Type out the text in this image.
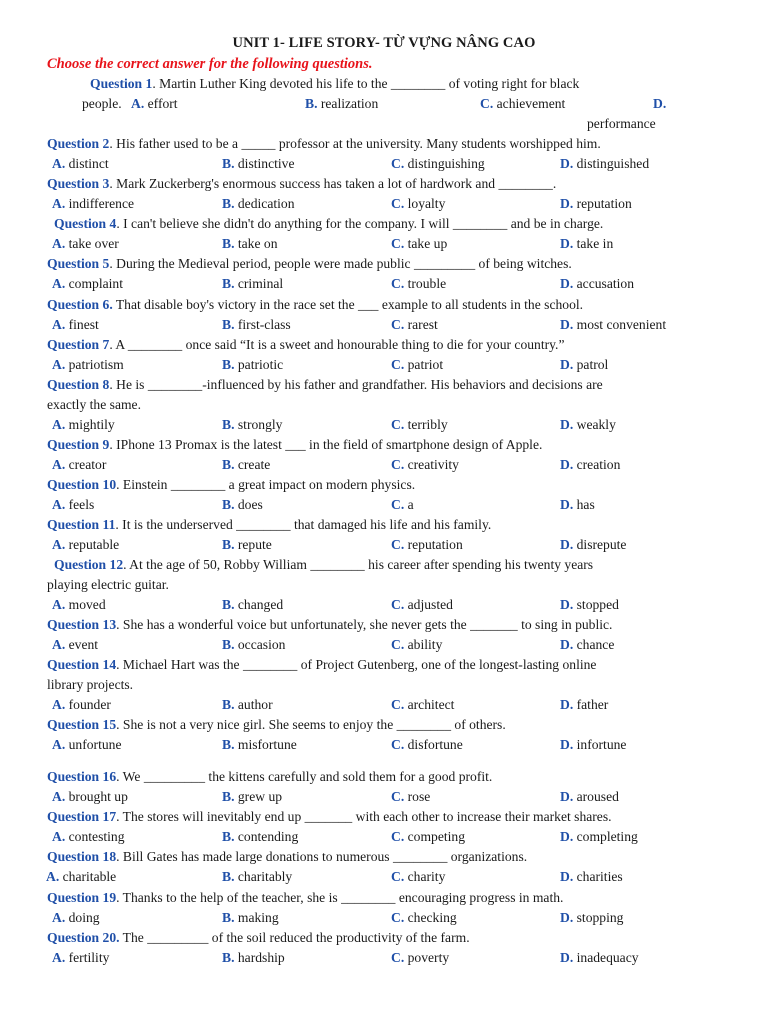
UNIT 1- LIFE STORY- TỪ VỰNG NÂNG CAO
Choose the correct answer for the following questions.
Question 1. Martin Luther King devoted his life to the ________ of voting right for black
people. A. effort	B. realization	C. achievement	D.
performance
Question 2. His father used to be a _____ professor at the university. Many students worshipped him.
A. distinct	B. distinctive	C. distinguishing	D. distinguished
Question 3. Mark Zuckerberg's enormous success has taken a lot of hardwork and ________.
A. indifference	B. dedication	C. loyalty	D. reputation
Question 4. I can't believe she didn't do anything for the company. I will ________ and be in charge.
A. take over	B. take on	C. take up	D. take in
Question 5. During the Medieval period, people were made public _________ of being witches.
A. complaint	B. criminal	C. trouble	D. accusation
Question 6. That disable boy's victory in the race set the ___ example to all students in the school.
A. finest	B. first-class	C. rarest	D. most convenient
Question 7. A ________ once said “It is a sweet and honourable thing to die for your country.”
A. patriotism	B. patriotic	C. patriot	D. patrol
Question 8. He is ________-influenced by his father and grandfather. His behaviors and decisions are
exactly the same.
A. mightily	B. strongly	C. terribly	D. weakly
Question 9. IPhone 13 Promax is the latest ___ in the field of smartphone design of Apple.
A. creator	B. create	C. creativity	D. creation
Question 10. Einstein ________ a great impact on modern physics.
A. feels	B. does	C. a	D. has
Question 11. It is the underserved ________ that damaged his life and his family.
A. reputable	B. repute	C. reputation	D. disrepute
Question 12. At the age of 50, Robby William ________ his career after spending his twenty years
playing electric guitar.
A. moved	B. changed	C. adjusted	D. stopped
Question 13. She has a wonderful voice but unfortunately, she never gets the _______ to sing in public.
A. event	B. occasion	C. ability	D. chance
Question 14. Michael Hart was the ________ of Project Gutenberg, one of the longest-lasting online
library projects.
A. founder	B. author	C. architect	D. father
Question 15. She is not a very nice girl. She seems to enjoy the ________ of others.
A. unfortune	B. misfortune	C. disfortune	D. infortune
Question 16. We _________ the kittens carefully and sold them for a good profit.
A. brought up	B. grew up	C. rose	D. aroused
Question 17. The stores will inevitably end up _______ with each other to increase their market shares.
A. contesting	B. contending	C. competing	D. completing
Question 18. Bill Gates has made large donations to numerous ________ organizations.
A. charitable	B. charitably	C. charity	D. charities
Question 19. Thanks to the help of the teacher, she is ________ encouraging progress in math.
A. doing	B. making	C. checking	D. stopping
Question 20. The _________ of the soil reduced the productivity of the farm.
A. fertility	B. hardship	C. poverty	D. inadequacy
